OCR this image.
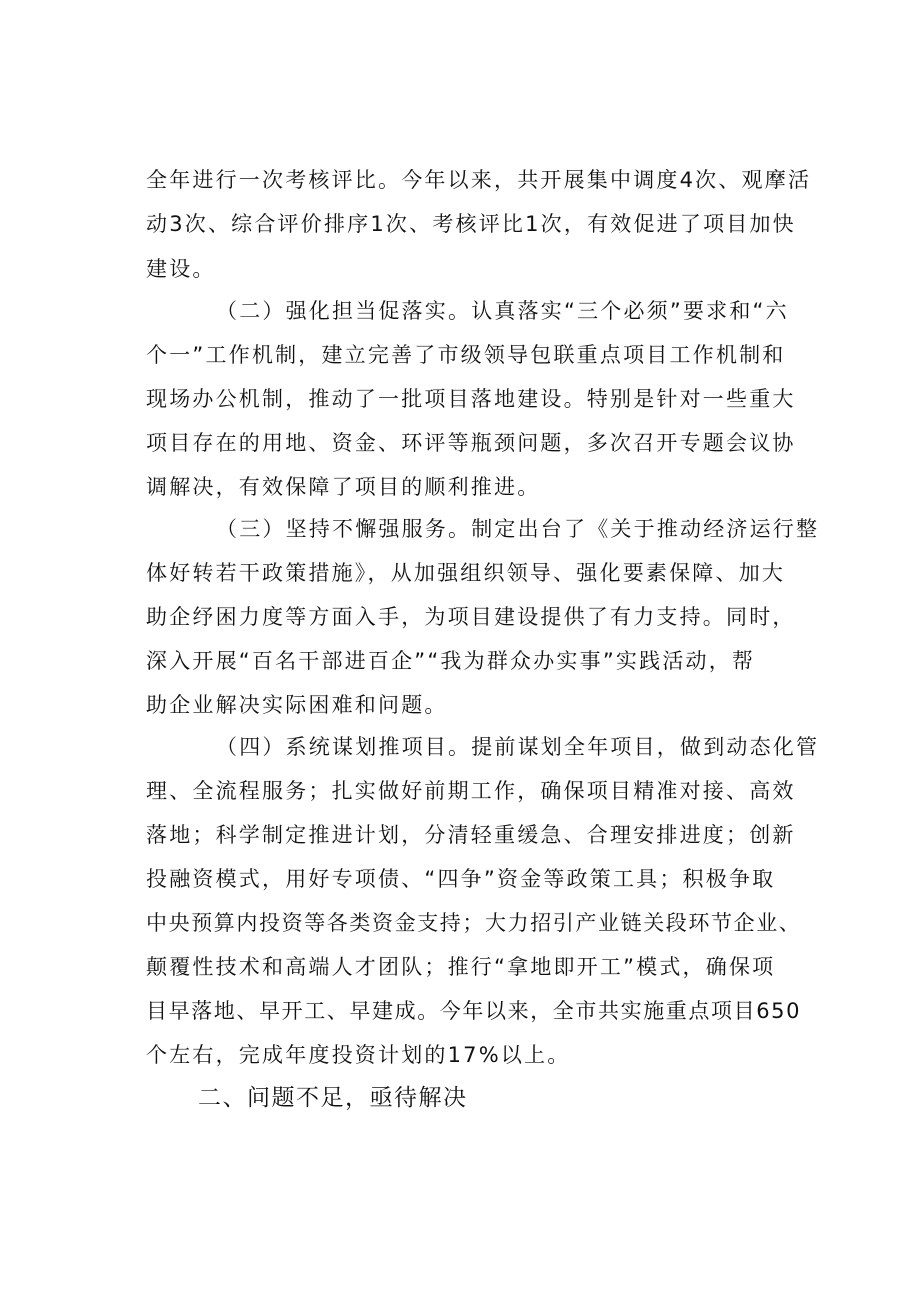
全年进行一次考核评比。今年以来，共开展集中调度4次、观摩活
动3次、综合评价排序1次、考核评比1次，有效促进了项目加快
建设。
（二）强化担当促落实。认真落实“三个必须”要求和“六
个一”工作机制，建立完善了市级领导包联重点项目工作机制和
现场办公机制，推动了一批项目落地建设。特别是针对一些重大
项目存在的用地、资金、环评等瓶颈问题，多次召开专题会议协
调解决，有效保障了项目的顺利推进。
（三）坚持不懈强服务。制定出台了《关于推动经济运行整
体好转若干政策措施》，从加强组织领导、强化要素保障、加大
助企纾困力度等方面入手，为项目建设提供了有力支持。同时，
深入开展“百名干部进百企”“我为群众办实事”实践活动，帮
助企业解决实际困难和问题。
（四）系统谋划推项目。提前谋划全年项目，做到动态化管
理、全流程服务；扎实做好前期工作，确保项目精准对接、高效
落地；科学制定推进计划，分清轻重缓急、合理安排进度；创新
投融资模式，用好专项债、“四争”资金等政策工具；积极争取
中央预算内投资等各类资金支持；大力招引产业链关段环节企业、
颠覆性技术和高端人才团队；推行“拿地即开工”模式，确保项
目早落地、早开工、早建成。今年以来，全市共实施重点项目650
个左右，完成年度投资计划的17%以上。
二、问题不足，亟待解决
